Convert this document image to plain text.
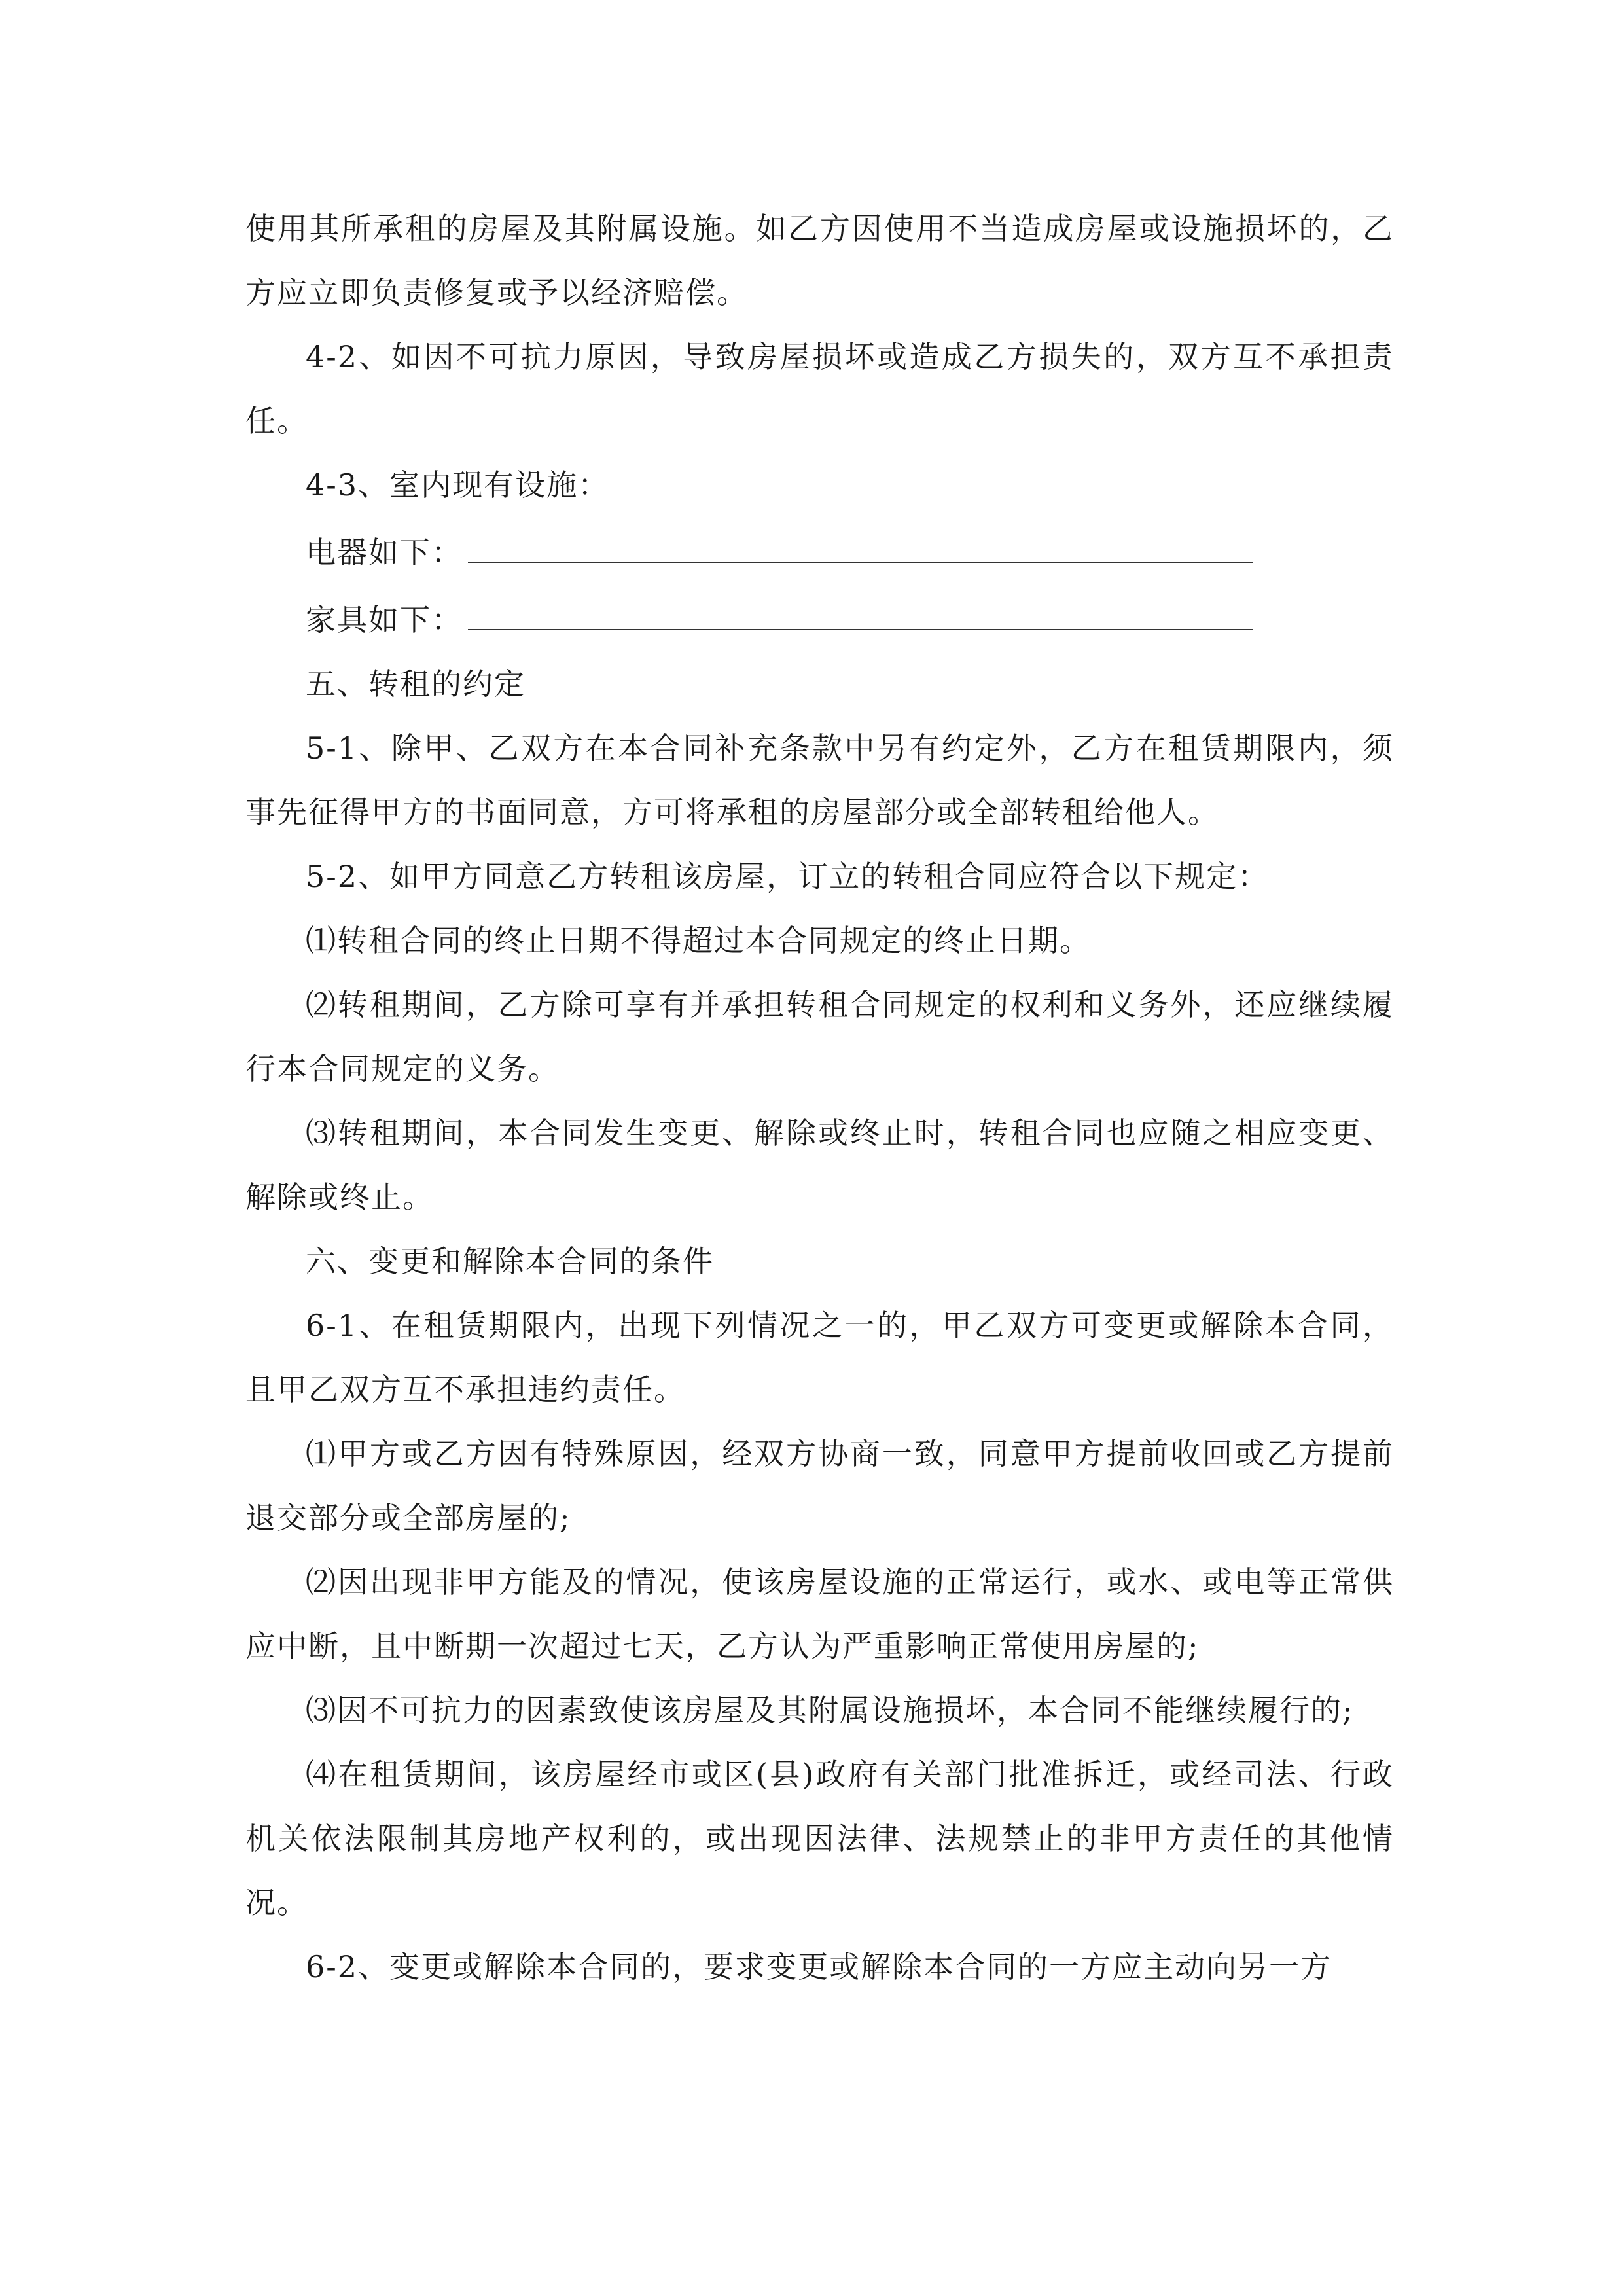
使用其所承租的房屋及其附属设施。如乙方因使用不当造成房屋或设施损坏的，乙方应立即负责修复或予以经济赔偿。

4-2、如因不可抗力原因，导致房屋损坏或造成乙方损失的，双方互不承担责任。

4-3、室内现有设施：

电器如下：
家具如下：

五、转租的约定

5-1、除甲、乙双方在本合同补充条款中另有约定外，乙方在租赁期限内，须事先征得甲方的书面同意，方可将承租的房屋部分或全部转租给他人。

5-2、如甲方同意乙方转租该房屋，订立的转租合同应符合以下规定：

⑴转租合同的终止日期不得超过本合同规定的终止日期。

⑵转租期间，乙方除可享有并承担转租合同规定的权利和义务外，还应继续履行本合同规定的义务。

⑶转租期间，本合同发生变更、解除或终止时，转租合同也应随之相应变更、解除或终止。

六、变更和解除本合同的条件

6-1、在租赁期限内，出现下列情况之一的，甲乙双方可变更或解除本合同，且甲乙双方互不承担违约责任。

⑴甲方或乙方因有特殊原因，经双方协商一致，同意甲方提前收回或乙方提前退交部分或全部房屋的;

⑵因出现非甲方能及的情况，使该房屋设施的正常运行，或水、或电等正常供应中断，且中断期一次超过七天，乙方认为严重影响正常使用房屋的;

⑶因不可抗力的因素致使该房屋及其附属设施损坏，本合同不能继续履行的;

⑷在租赁期间，该房屋经市或区(县)政府有关部门批准拆迁，或经司法、行政机关依法限制其房地产权利的，或出现因法律、法规禁止的非甲方责任的其他情况。

6-2、变更或解除本合同的，要求变更或解除本合同的一方应主动向另一方
